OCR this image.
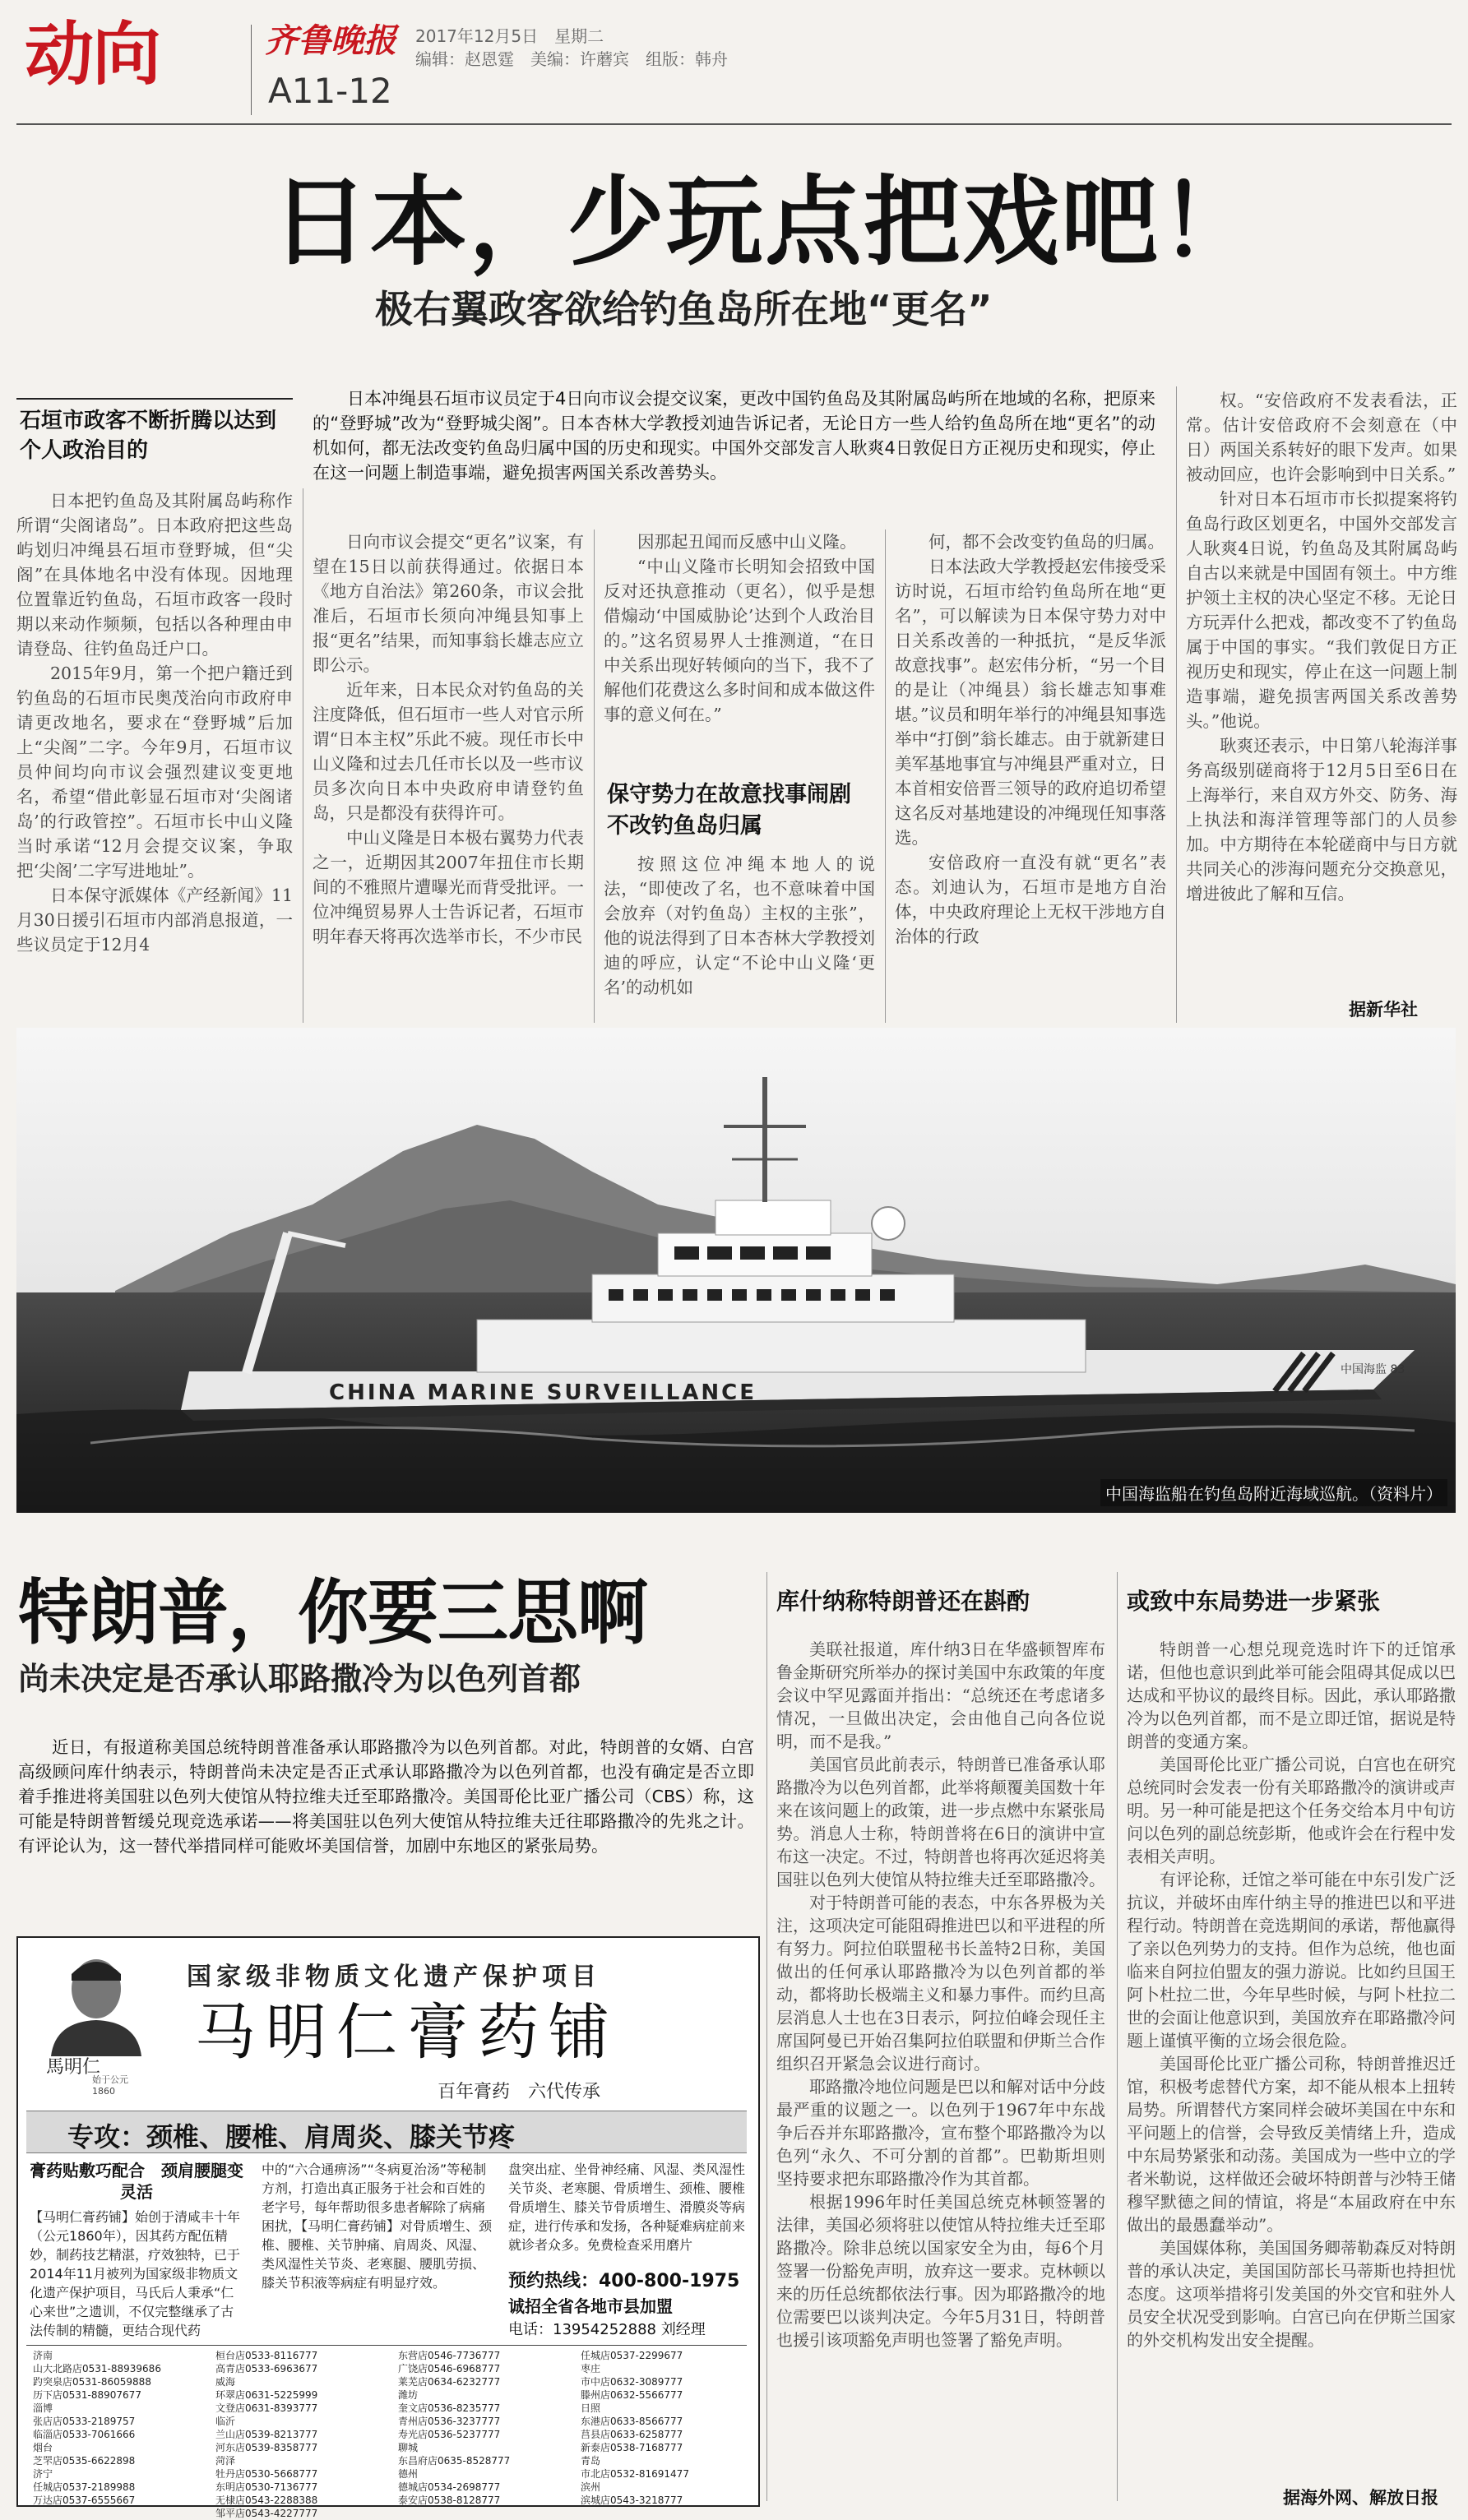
动向	齐鲁晚报
A11-12
2017年12月5日　星期二
编辑：赵恩霆　美编：许蘑宾　组版：韩舟
日本，少玩点把戏吧！
极右翼政客欲给钓鱼岛所在地“更名”
石垣市政客不断折腾以达到个人政治目的

日本冲绳县石垣市议员定于4日向市议会提交议案，更改中国钓鱼岛及其附属岛屿所在地域的名称，把原来的“登野城”改为“登野城尖阁”。日本杏林大学教授刘迪告诉记者，无论日方一些人给钓鱼岛所在地“更名”的动机如何，都无法改变钓鱼岛归属中国的历史和现实。中国外交部发言人耿爽4日敦促日方正视历史和现实，停止在这一问题上制造事端，避免损害两国关系改善势头。

日本把钓鱼岛及其附属岛屿称作所谓“尖阁诸岛”。日本政府把这些岛屿划归冲绳县石垣市登野城，但“尖阁”在具体地名中没有体现。因地理位置靠近钓鱼岛，石垣市政客一段时期以来动作频频，包括以各种理由申请登岛、往钓鱼岛迁户口。

2015年9月，第一个把户籍迁到钓鱼岛的石垣市民奥茂治向市政府申请更改地名，要求在“登野城”后加上“尖阁”二字。今年9月，石垣市议员仲间均向市议会强烈建议变更地名，希望“借此彰显石垣市对‘尖阁诸岛’的行政管控”。石垣市长中山义隆当时承诺“12月会提交议案，争取把‘尖阁’二字写进地址”。

日本保守派媒体《产经新闻》11月30日援引石垣市内部消息报道，一些议员定于12月4

日向市议会提交“更名”议案，有望在15日以前获得通过。依据日本《地方自治法》第260条，市议会批准后，石垣市长须向冲绳县知事上报“更名”结果，而知事翁长雄志应立即公示。

近年来，日本民众对钓鱼岛的关注度降低，但石垣市一些人对官示所谓“日本主权”乐此不疲。现任市长中山义隆和过去几任市长以及一些市议员多次向日本中央政府申请登钓鱼岛，只是都没有获得许可。

中山义隆是日本极右翼势力代表之一，近期因其2007年扭住市长期间的不雅照片遭曝光而背受批评。一位冲绳贸易界人士告诉记者，石垣市明年春天将再次选举市长，不少市民

因那起丑闻而反感中山义隆。

“中山义隆市长明知会招致中国反对还执意推动（更名），似乎是想借煽动‘中国威胁论’达到个人政治目的。”这名贸易界人士推测道，“在日中关系出现好转倾向的当下，我不了解他们花费这么多时间和成本做这件事的意义何在。”

保守势力在故意找事闹剧不改钓鱼岛归属

按照这位冲绳本地人的说法，“即使改了名，也不意味着中国会放弃（对钓鱼岛）主权的主张”，他的说法得到了日本杏林大学教授刘迪的呼应，认定“不论中山义隆‘更名’的动机如

何，都不会改变钓鱼岛的归属。

日本法政大学教授赵宏伟接受采访时说，石垣市给钓鱼岛所在地“更名”，可以解读为日本保守势力对中日关系改善的一种抵抗，“是反华派故意找事”。赵宏伟分析，“另一个目的是让（冲绳县）翁长雄志知事难堪。”议员和明年举行的冲绳县知事选举中“打倒”翁长雄志。由于就新建日美军基地事宜与冲绳县严重对立，日本首相安倍晋三领导的政府追切希望这名反对基地建设的冲绳现任知事落选。

安倍政府一直没有就“更名”表态。刘迪认为，石垣市是地方自治体，中央政府理论上无权干涉地方自治体的行政

权。“安倍政府不发表看法，正常。估计安倍政府不会刻意在（中日）两国关系转好的眼下发声。如果被动回应，也许会影响到中日关系。”

针对日本石垣市市长拟提案将钓鱼岛行政区划更名，中国外交部发言人耿爽4日说，钓鱼岛及其附属岛屿自古以来就是中国固有领土。中方维护领土主权的决心坚定不移。无论日方玩弄什么把戏，都改变不了钓鱼岛属于中国的事实。“我们敦促日方正视历史和现实，停止在这一问题上制造事端，避免损害两国关系改善势头。”他说。

耿爽还表示，中日第八轮海洋事务高级别磋商将于12月5日至6日在上海举行，来自双方外交、防务、海上执法和海洋管理等部门的人员参加。中方期待在本轮磋商中与日方就共同关心的涉海问题充分交换意见，增进彼此了解和互信。

据新华社
CHINA MARINE SURVEILLANCE
中国海监 83
中国海监船在钓鱼岛附近海域巡航。（资料片）
特朗普，你要三思啊
尚未决定是否承认耶路撒冷为以色列首都

近日，有报道称美国总统特朗普准备承认耶路撒冷为以色列首都。对此，特朗普的女婿、白宫高级顾问库什纳表示，特朗普尚未决定是否正式承认耶路撒冷为以色列首都，也没有确定是否立即着手推进将美国驻以色列大使馆从特拉维夫迁至耶路撒冷。美国哥伦比亚广播公司（CBS）称，这可能是特朗普暂缓兑现竞选承诺——将美国驻以色列大使馆从特拉维夫迁往耶路撒冷的先兆之计。有评论认为，这一替代举措同样可能败坏美国信誉，加剧中东地区的紧张局势。

库什纳称特朗普还在斟酌

美联社报道，库什纳3日在华盛顿智库布鲁金斯研究所举办的探讨美国中东政策的年度会议中罕见露面并指出：“总统还在考虑诸多情况，一旦做出决定，会由他自己向各位说明，而不是我。”

美国官员此前表示，特朗普已准备承认耶路撒冷为以色列首都，此举将颠覆美国数十年来在该问题上的政策，进一步点燃中东紧张局势。消息人士称，特朗普将在6日的演讲中宣布这一决定。不过，特朗普也将再次延迟将美国驻以色列大使馆从特拉维夫迁至耶路撒冷。

对于特朗普可能的表态，中东各界极为关注，这项决定可能阻碍推进巴以和平进程的所有努力。阿拉伯联盟秘书长盖特2日称，美国做出的任何承认耶路撒冷为以色列首都的举动，都将助长极端主义和暴力事件。而约旦高层消息人士也在3日表示，阿拉伯峰会现任主席国阿曼已开始召集阿拉伯联盟和伊斯兰合作组织召开紧急会议进行商讨。

耶路撒冷地位问题是巴以和解对话中分歧最严重的议题之一。以色列于1967年中东战争后吞并东耶路撒冷，宣布整个耶路撒冷为以色列“永久、不可分割的首都”。巴勒斯坦则坚持要求把东耶路撒冷作为其首都。

根据1996年时任美国总统克林顿签署的法律，美国必须将驻以使馆从特拉维夫迁至耶路撒冷。除非总统以国家安全为由，每6个月签署一份豁免声明，放弃这一要求。克林顿以来的历任总统都依法行事。因为耶路撒冷的地位需要巴以谈判决定。今年5月31日，特朗普也援引该项豁免声明也签署了豁免声明。

或致中东局势进一步紧张

特朗普一心想兑现竞选时许下的迁馆承诺，但他也意识到此举可能会阻碍其促成以巴达成和平协议的最终目标。因此，承认耶路撒冷为以色列首都，而不是立即迁馆，据说是特朗普的变通方案。

美国哥伦比亚广播公司说，白宫也在研究总统同时会发表一份有关耶路撒冷的演讲或声明。另一种可能是把这个任务交给本月中旬访问以色列的副总统彭斯，他或许会在行程中发表相关声明。

有评论称，迁馆之举可能在中东引发广泛抗议，并破坏由库什纳主导的推进巴以和平进程行动。特朗普在竞选期间的承诺，帮他赢得了亲以色列势力的支持。但作为总统，他也面临来自阿拉伯盟友的强力游说。比如约旦国王阿卜杜拉二世，今年早些时候，与阿卜杜拉二世的会面让他意识到，美国放弃在耶路撒冷问题上谨慎平衡的立场会很危险。

美国哥伦比亚广播公司称，特朗普推迟迁馆，积极考虑替代方案，却不能从根本上扭转局势。所谓替代方案同样会破坏美国在中东和平问题上的信誉，会导致反美情绪上升，造成中东局势紧张和动荡。美国成为一些中立的学者米勒说，这样做还会破坏特朗普与沙特王储穆罕默德之间的情谊，将是“本届政府在中东做出的最愚蠢举动”。

美国媒体称，美国国务卿蒂勒森反对特朗普的承认决定，美国国防部长马蒂斯也持担忧态度。这项举措将引发美国的外交官和驻外人员安全状况受到影响。白宫已向在伊斯兰国家的外交机构发出安全提醒。

据海外网、解放日报
馬明仁
始于公元1860
国家级非物质文化遗产保护项目
马明仁膏药铺
百年膏药　六代传承
专攻：颈椎、腰椎、肩周炎、膝关节疼
膏药贴敷巧配合　颈肩腰腿变灵活
【马明仁膏药铺】始创于清咸丰十年（公元1860年），因其药方配伍精妙，制药技艺精湛，疗效独特，已于2014年11月被列为国家级非物质文化遗产保护项目，马氏后人秉承“仁心来世”之遗训，不仅完整继承了古法传制的精髓，更结合现代药
中的“六合通痹汤”“冬病夏治汤”等秘制方剂，打造出真正服务于社会和百姓的老字号，每年帮助很多患者解除了病痛困扰，【马明仁膏药铺】对骨质增生、颈椎、腰椎、关节肿痛、肩周炎、风湿、类风湿性关节炎、老寒腿、腰肌劳损、膝关节积液等病症有明显疗效。
盘突出症、坐骨神经痛、风湿、类风湿性关节炎、老寒腿、骨质增生、颈椎、腰椎骨质增生、膝关节骨质增生、滑膜炎等病症，进行传承和发扬，各种疑难病症前来就诊者众多。免费检查采用磨片
预约热线：400-800-1975
诚招全省各地市县加盟
电话：13954252888 刘经理
济南
山大北路店0531-88939686
趵突泉店0531-86059888
历下店0531-88907677
淄博
张店店0533-2189757
临淄店0533-7061666
烟台
芝罘店0535-6622898
济宁
任城店0537-2189988
万达店0537-6555667
桓台店0533-8116777
高青店0533-6963677
威海
环翠店0631-5225999
文登店0631-8393777
临沂
兰山店0539-8213777
河东店0539-8358777
菏泽
牡丹店0530-5668777
东明店0530-7136777
无棣店0543-2288388
邹平店0543-4227777
东营店0546-7736777
广饶店0546-6968777
莱芜店0634-6232777
潍坊
奎文店0536-8235777
青州店0536-3237777
寿光店0536-5237777
聊城
东昌府店0635-8528777
德州
德城店0534-2698777
泰安店0538-8128777
任城店0537-2299677
枣庄
市中店0632-3089777
滕州店0632-5566777
日照
东港店0633-8566777
莒县店0633-6258777
新泰店0538-7168777
青岛
市北店0532-81691477
滨州
滨城店0543-3218777
